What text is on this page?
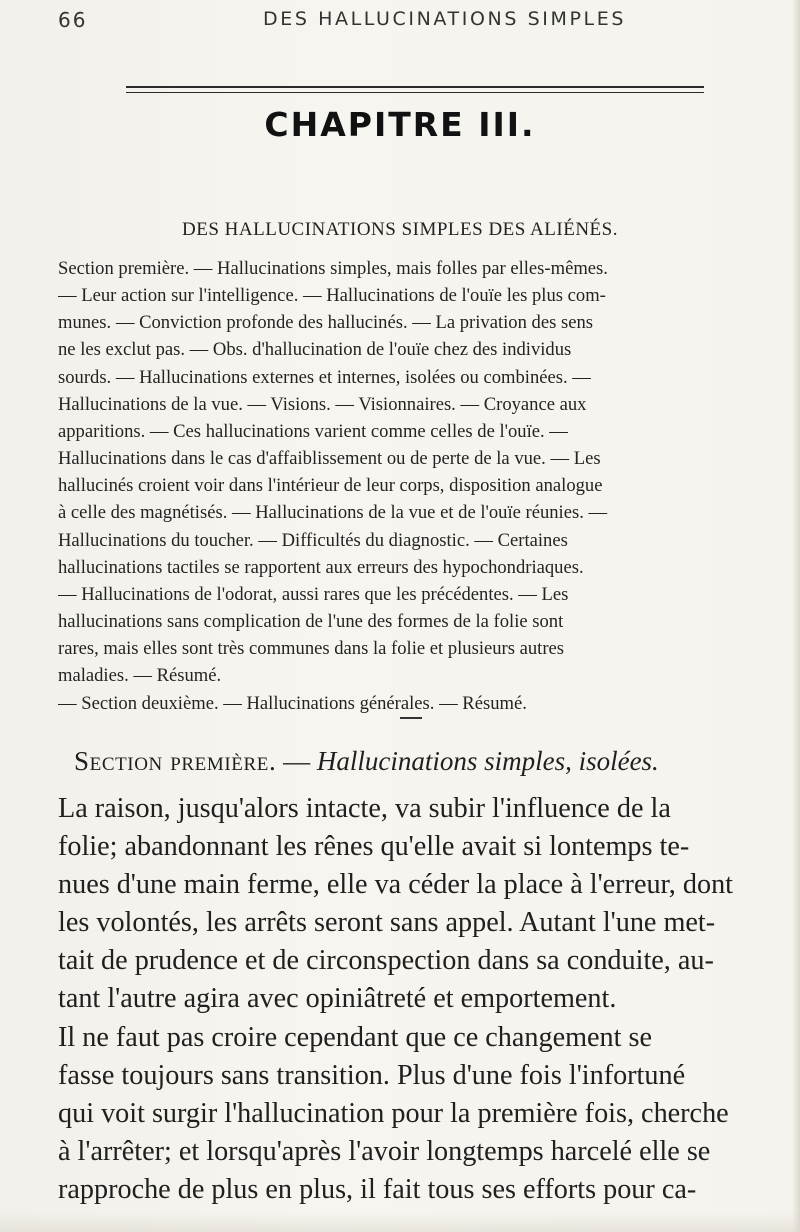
66	DES HALLUCINATIONS SIMPLES
CHAPITRE III.
DES HALLUCINATIONS SIMPLES DES ALIÉNÉS.
Section première. — Hallucinations simples, mais folles par elles-mêmes.
— Leur action sur l'intelligence. — Hallucinations de l'ouïe les plus com-
munes. — Conviction profonde des hallucinés. — La privation des sens
ne les exclut pas. — Obs. d'hallucination de l'ouïe chez des individus
sourds. — Hallucinations externes et internes, isolées ou combinées. —
Hallucinations de la vue. — Visions. — Visionnaires. — Croyance aux
apparitions. — Ces hallucinations varient comme celles de l'ouïe. —
Hallucinations dans le cas d'affaiblissement ou de perte de la vue. — Les
hallucinés croient voir dans l'intérieur de leur corps, disposition analogue
à celle des magnétisés. — Hallucinations de la vue et de l'ouïe réunies. —
Hallucinations du toucher. — Difficultés du diagnostic. — Certaines
hallucinations tactiles se rapportent aux erreurs des hypochondriaques.
— Hallucinations de l'odorat, aussi rares que les précédentes. — Les
hallucinations sans complication de l'une des formes de la folie sont
rares, mais elles sont très communes dans la folie et plusieurs autres
maladies. — Résumé.
— Section deuxième. — Hallucinations générales. — Résumé.
Section première. — Hallucinations simples, isolées.
La raison, jusqu'alors intacte, va subir l'influence de la
folie; abandonnant les rênes qu'elle avait si lontemps te-
nues d'une main ferme, elle va céder la place à l'erreur, dont
les volontés, les arrêts seront sans appel. Autant l'une met-
tait de prudence et de circonspection dans sa conduite, au-
tant l'autre agira avec opiniâtreté et emportement.
Il ne faut pas croire cependant que ce changement se
fasse toujours sans transition. Plus d'une fois l'infortuné
qui voit surgir l'hallucination pour la première fois, cherche
à l'arrêter; et lorsqu'après l'avoir longtemps harcelé elle se
rapproche de plus en plus, il fait tous ses efforts pour ca-
